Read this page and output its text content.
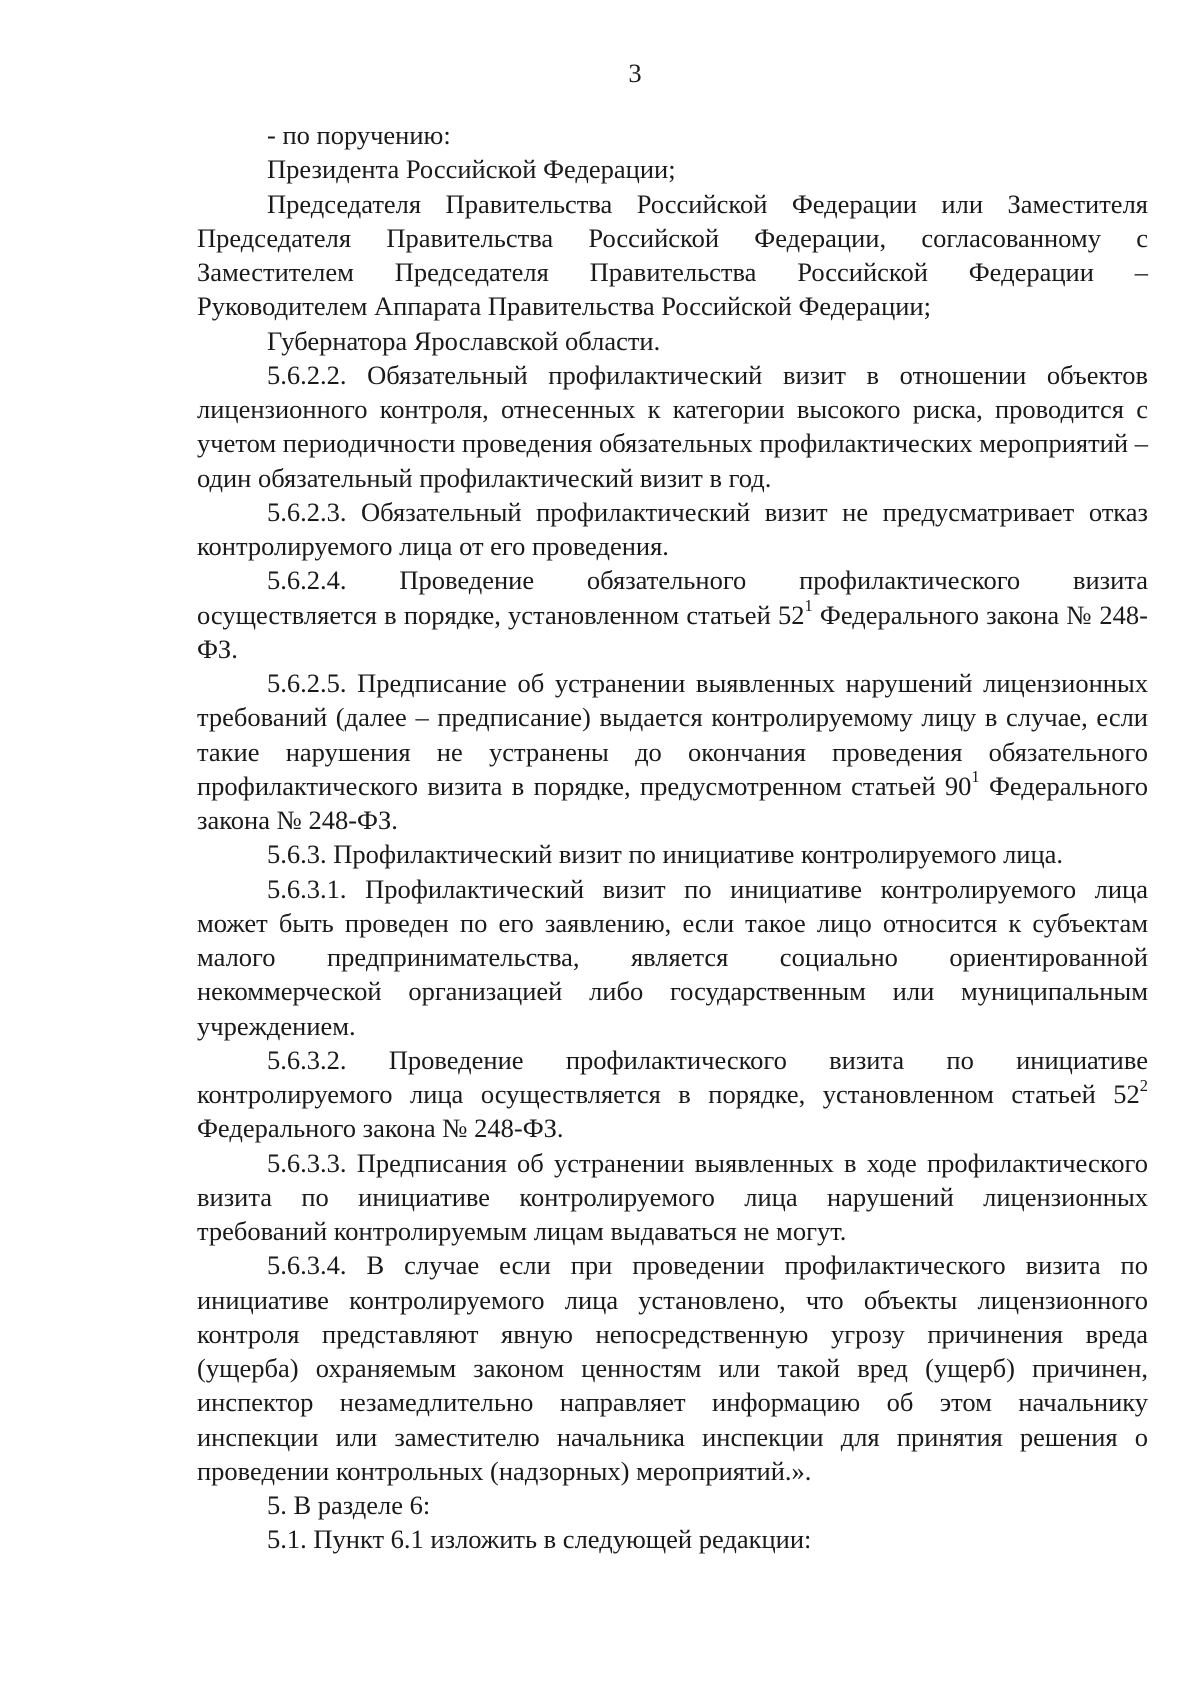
3

- по поручению:

Президента Российской Федерации;

Председателя Правительства Российской Федерации или Заместителя Председателя Правительства Российской Федерации, согласованному с Заместителем Председателя Правительства Российской Федерации – Руководителем Аппарата Правительства Российской Федерации;

Губернатора Ярославской области.

5.6.2.2. Обязательный профилактический визит в отношении объектов лицензионного контроля, отнесенных к категории высокого риска, проводится с учетом периодичности проведения обязательных профилактических мероприятий – один обязательный профилактический визит в год.

5.6.2.3. Обязательный профилактический визит не предусматривает отказ контролируемого лица от его проведения.

5.6.2.4. Проведение обязательного профилактического визита осуществляется в порядке, установленном статьей $52^1$ Федерального закона № 248-ФЗ.

5.6.2.5. Предписание об устранении выявленных нарушений лицензионных требований (далее – предписание) выдается контролируемому лицу в случае, если такие нарушения не устранены до окончания проведения обязательного профилактического визита в порядке, предусмотренном статьей $90^1$ Федерального закона № 248-ФЗ.

5.6.3. Профилактический визит по инициативе контролируемого лица.

5.6.3.1. Профилактический визит по инициативе контролируемого лица может быть проведен по его заявлению, если такое лицо относится к субъектам малого предпринимательства, является социально ориентированной некоммерческой организацией либо государственным или муниципальным учреждением.

5.6.3.2. Проведение профилактического визита по инициативе контролируемого лица осуществляется в порядке, установленном статьей $52^2$ Федерального закона № 248-ФЗ.

5.6.3.3. Предписания об устранении выявленных в ходе профилактического визита по инициативе контролируемого лица нарушений лицензионных требований контролируемым лицам выдаваться не могут.

5.6.3.4. В случае если при проведении профилактического визита по инициативе контролируемого лица установлено, что объекты лицензионного контроля представляют явную непосредственную угрозу причинения вреда (ущерба) охраняемым законом ценностям или такой вред (ущерб) причинен, инспектор незамедлительно направляет информацию об этом начальнику инспекции или заместителю начальника инспекции для принятия решения о проведении контрольных (надзорных) мероприятий.».

5. В разделе 6:

5.1. Пункт 6.1 изложить в следующей редакции:
